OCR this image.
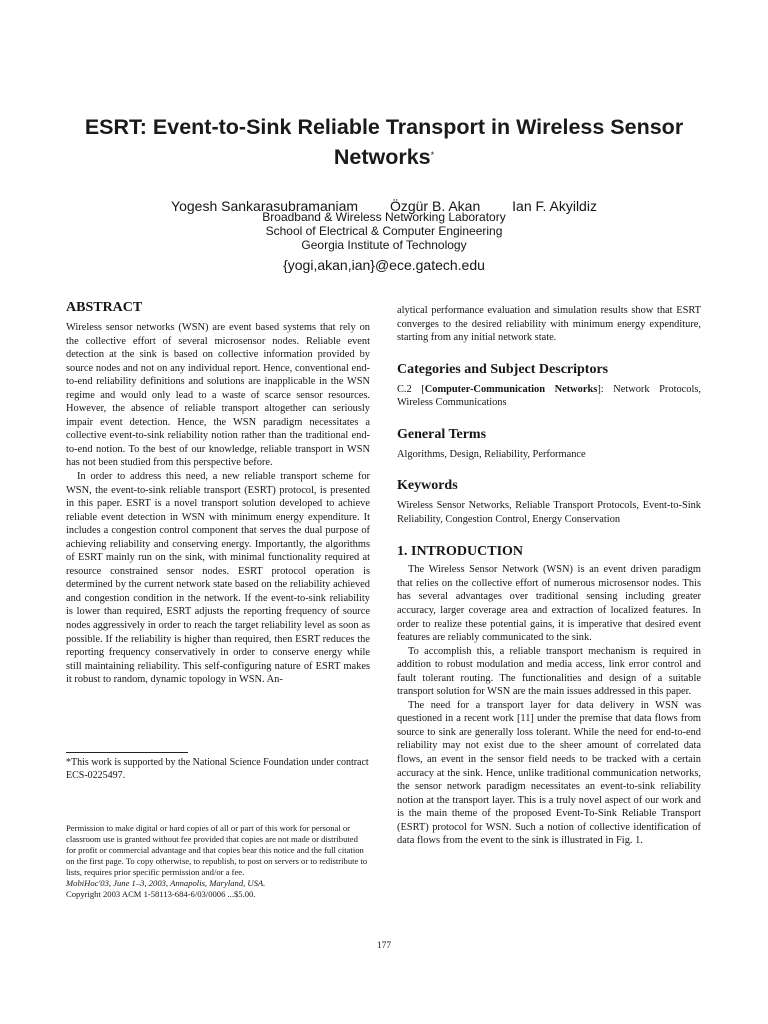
ESRT: Event-to-Sink Reliable Transport in Wireless Sensor
Networks*
Yogesh Sankarasubramaniam Özgür B. Akan Ian F. Akyildiz
Broadband & Wireless Networking Laboratory
School of Electrical & Computer Engineering
Georgia Institute of Technology
{yogi,akan,ian}@ece.gatech.edu
ABSTRACT

Wireless sensor networks (WSN) are event based systems that rely on the collective effort of several microsensor nodes. Reliable event detection at the sink is based on collective information provided by source nodes and not on any individual report. Hence, conventional end-to-end reliability definitions and solutions are inapplicable in the WSN regime and would only lead to a waste of scarce sensor resources. However, the absence of reliable transport altogether can seriously impair event detection. Hence, the WSN paradigm necessitates a collective event-to-sink reliability notion rather than the traditional end-to-end notion. To the best of our knowledge, reliable transport in WSN has not been studied from this perspective before.

In order to address this need, a new reliable transport scheme for WSN, the event-to-sink reliable transport (ESRT) protocol, is presented in this paper. ESRT is a novel transport solution developed to achieve reliable event detection in WSN with minimum energy expenditure. It includes a congestion control component that serves the dual purpose of achieving reliability and conserving energy. Importantly, the algorithms of ESRT mainly run on the sink, with minimal functionality required at resource constrained sensor nodes. ESRT protocol operation is determined by the current network state based on the reliability achieved and congestion condition in the network. If the event-to-sink reliability is lower than required, ESRT adjusts the reporting frequency of source nodes aggressively in order to reach the target reliability level as soon as possible. If the reliability is higher than required, then ESRT reduces the reporting frequency conservatively in order to conserve energy while still maintaining reliability. This self-configuring nature of ESRT makes it robust to random, dynamic topology in WSN. An-

*This work is supported by the National Science Foundation under contract ECS-0225497.
Permission to make digital or hard copies of all or part of this work for personal or classroom use is granted without fee provided that copies are not made or distributed for profit or commercial advantage and that copies bear this notice and the full citation on the first page. To copy otherwise, to republish, to post on servers or to redistribute to lists, requires prior specific permission and/or a fee.
MobiHoc'03, June 1–3, 2003, Annapolis, Maryland, USA.
Copyright 2003 ACM 1-58113-684-6/03/0006 ...$5.00.

alytical performance evaluation and simulation results show that ESRT converges to the desired reliability with minimum energy expenditure, starting from any initial network state.

Categories and Subject Descriptors

C.2 [Computer-Communication Networks]: Network Protocols, Wireless Communications

General Terms

Algorithms, Design, Reliability, Performance

Keywords

Wireless Sensor Networks, Reliable Transport Protocols, Event-to-Sink Reliability, Congestion Control, Energy Conservation

1. INTRODUCTION

The Wireless Sensor Network (WSN) is an event driven paradigm that relies on the collective effort of numerous microsensor nodes. This has several advantages over traditional sensing including greater accuracy, larger coverage area and extraction of localized features. In order to realize these potential gains, it is imperative that desired event features are reliably communicated to the sink.

To accomplish this, a reliable transport mechanism is required in addition to robust modulation and media access, link error control and fault tolerant routing. The functionalities and design of a suitable transport solution for WSN are the main issues addressed in this paper.

The need for a transport layer for data delivery in WSN was questioned in a recent work [11] under the premise that data flows from source to sink are generally loss tolerant. While the need for end-to-end reliability may not exist due to the sheer amount of correlated data flows, an event in the sensor field needs to be tracked with a certain accuracy at the sink. Hence, unlike traditional communication networks, the sensor network paradigm necessitates an event-to-sink reliability notion at the transport layer. This is a truly novel aspect of our work and is the main theme of the proposed Event-To-Sink Reliable Transport (ESRT) protocol for WSN. Such a notion of collective identification of data flows from the event to the sink is illustrated in Fig. 1.

177
